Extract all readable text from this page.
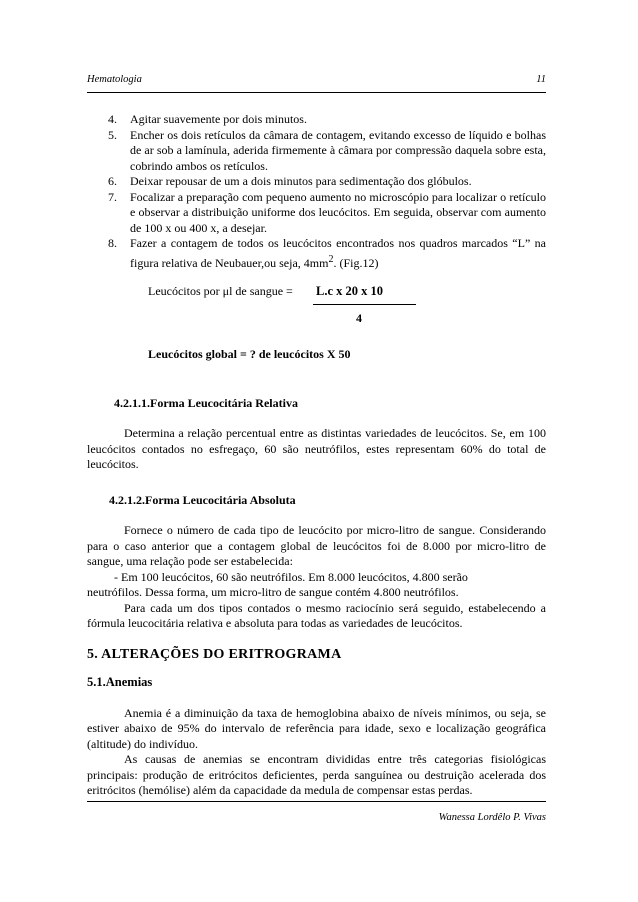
Hematologia	11
4. Agitar suavemente por dois minutos.
5. Encher os dois retículos da câmara de contagem, evitando excesso de líquido e bolhas de ar sob a lamínula, aderida firmemente à câmara por compressão daquela sobre esta, cobrindo ambos os retículos.
6. Deixar repousar de um a dois minutos para sedimentação dos glóbulos.
7. Focalizar a preparação com pequeno aumento no microscópio para localizar o retículo e observar a distribuição uniforme dos leucócitos. Em seguida, observar com aumento de 100 x ou 400 x, a desejar.
8. Fazer a contagem de todos os leucócitos encontrados nos quadros marcados “L” na figura relativa de Neubauer,ou seja, $4mm^2$. (Fig.12)
Leucócitos por μl de sangue = L.c x 20 x 10
4
Leucócitos global = ? de leucócitos X 50
4.2.1.1.Forma Leucocitária Relativa

Determina a relação percentual entre as distintas variedades de leucócitos. Se, em 100 leucócitos contados no esfregaço, 60 são neutrófilos, estes representam 60% do total de leucócitos.

4.2.1.2.Forma Leucocitária Absoluta

Fornece o número de cada tipo de leucócito por micro-litro de sangue. Considerando para o caso anterior que a contagem global de leucócitos foi de 8.000 por micro-litro de sangue, uma relação pode ser estabelecida:

- Em 100 leucócitos, 60 são neutrófilos. Em 8.000 leucócitos, 4.800 serão

neutrófilos. Dessa forma, um micro-litro de sangue contém 4.800 neutrófilos.

Para cada um dos tipos contados o mesmo raciocínio será seguido, estabelecendo a fórmula leucocitária relativa e absoluta para todas as variedades de leucócitos.

5. ALTERAÇÕES DO ERITROGRAMA
5.1.Anemias

Anemia é a diminuição da taxa de hemoglobina abaixo de níveis mínimos, ou seja, se estiver abaixo de 95% do intervalo de referência para idade, sexo e localização geográfica (altitude) do indivíduo.

As causas de anemias se encontram divididas entre três categorias fisiológicas principais: produção de eritrócitos deficientes, perda sanguínea ou destruição acelerada dos eritrócitos (hemólise) além da capacidade da medula de compensar estas perdas.

Wanessa Lordêlo P. Vivas
